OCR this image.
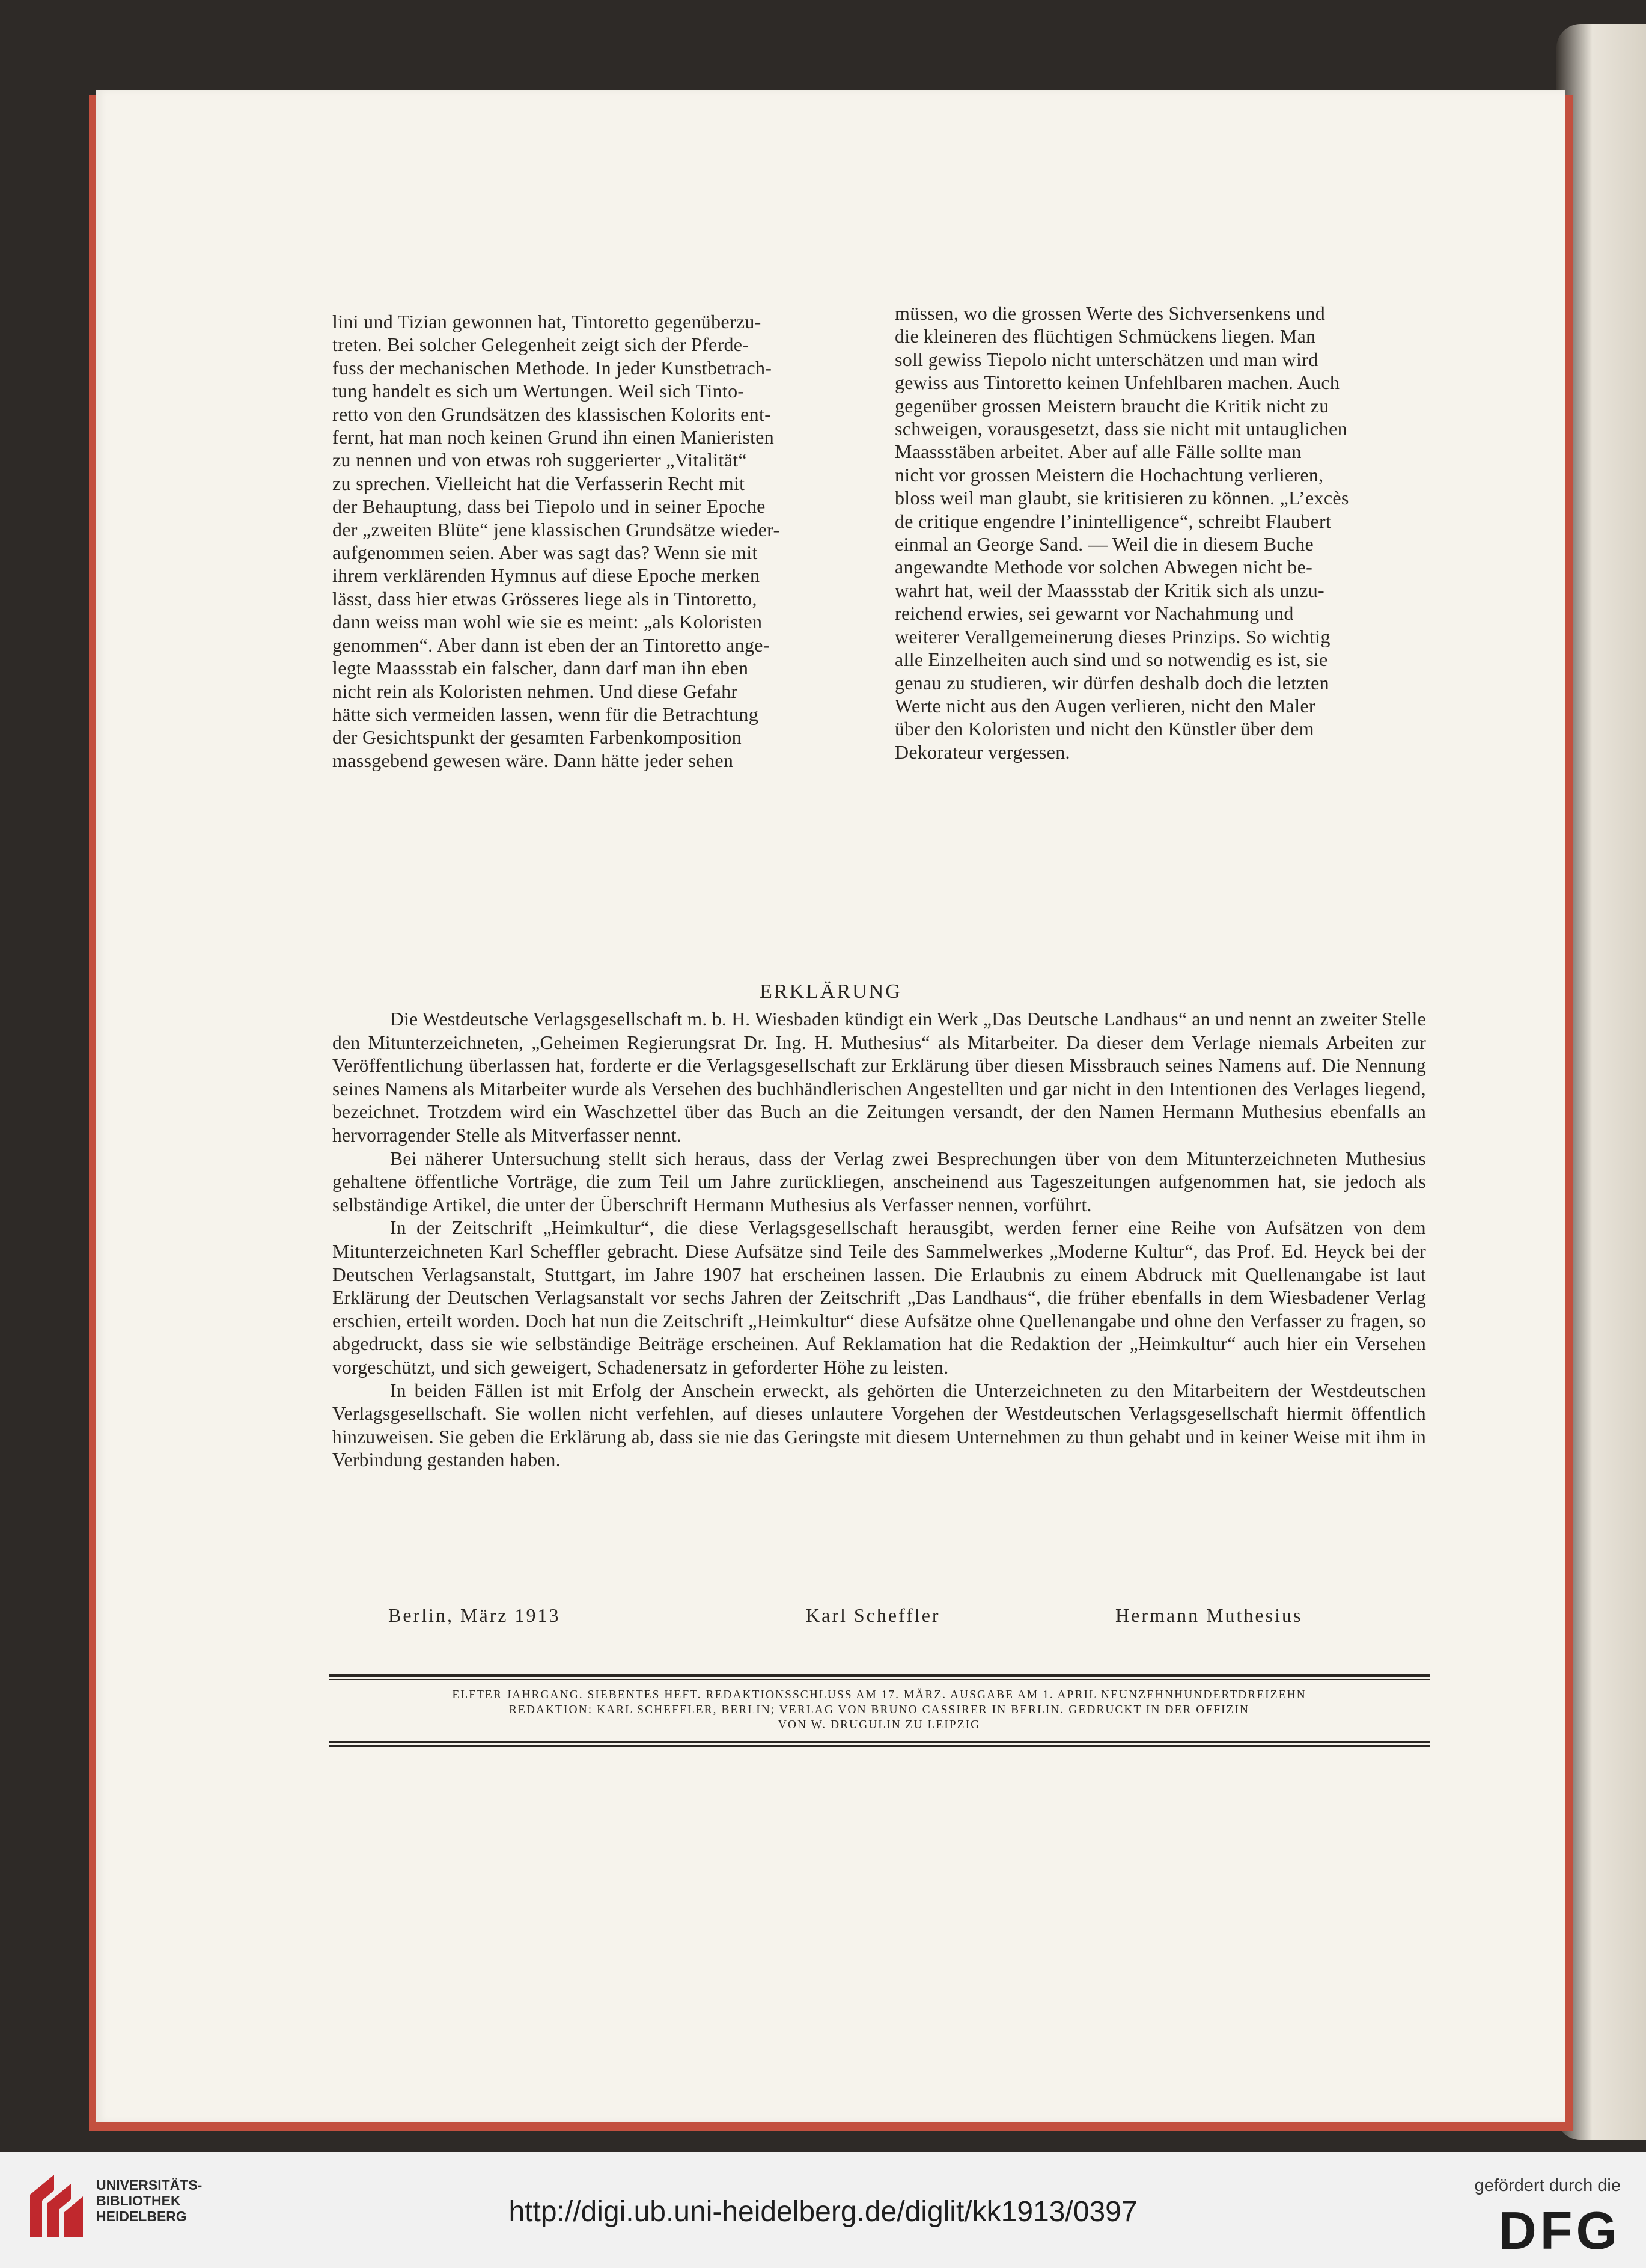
lini und Tizian gewonnen hat, Tintoretto gegenüberzu-

treten. Bei solcher Gelegenheit zeigt sich der Pferde-

fuss der mechanischen Methode. In jeder Kunstbetrach-

tung handelt es sich um Wertungen. Weil sich Tinto-

retto von den Grundsätzen des klassischen Kolorits ent-

fernt, hat man noch keinen Grund ihn einen Manieristen

zu nennen und von etwas roh suggerierter „Vitalität“

zu sprechen. Vielleicht hat die Verfasserin Recht mit

der Behauptung, dass bei Tiepolo und in seiner Epoche

der „zweiten Blüte“ jene klassischen Grundsätze wieder-

aufgenommen seien. Aber was sagt das? Wenn sie mit

ihrem verklärenden Hymnus auf diese Epoche merken

lässt, dass hier etwas Grösseres liege als in Tintoretto,

dann weiss man wohl wie sie es meint: „als Koloristen

genommen“. Aber dann ist eben der an Tintoretto ange-

legte Maassstab ein falscher, dann darf man ihn eben

nicht rein als Koloristen nehmen. Und diese Gefahr

hätte sich vermeiden lassen, wenn für die Betrachtung

der Gesichtspunkt der gesamten Farbenkomposition

massgebend gewesen wäre. Dann hätte jeder sehen

müssen, wo die grossen Werte des Sichversenkens und

die kleineren des flüchtigen Schmückens liegen. Man

soll gewiss Tiepolo nicht unterschätzen und man wird

gewiss aus Tintoretto keinen Unfehlbaren machen. Auch

gegenüber grossen Meistern braucht die Kritik nicht zu

schweigen, vorausgesetzt, dass sie nicht mit untauglichen

Maassstäben arbeitet. Aber auf alle Fälle sollte man

nicht vor grossen Meistern die Hochachtung verlieren,

bloss weil man glaubt, sie kritisieren zu können. „L’excès

de critique engendre l’inintelligence“, schreibt Flaubert

einmal an George Sand. — Weil die in diesem Buche

angewandte Methode vor solchen Abwegen nicht be-

wahrt hat, weil der Maassstab der Kritik sich als unzu-

reichend erwies, sei gewarnt vor Nachahmung und

weiterer Verallgemeinerung dieses Prinzips. So wichtig

alle Einzelheiten auch sind und so notwendig es ist, sie

genau zu studieren, wir dürfen deshalb doch die letzten

Werte nicht aus den Augen verlieren, nicht den Maler

über den Koloristen und nicht den Künstler über dem

Dekorateur vergessen.

ERKLÄRUNG

Die Westdeutsche Verlagsgesellschaft m. b. H. Wiesbaden kündigt ein Werk „Das Deutsche Landhaus“ an und nennt an zweiter Stelle den Mitunterzeichneten, „Geheimen Regierungsrat Dr. Ing. H. Muthesius“ als Mitarbeiter. Da dieser dem Verlage niemals Arbeiten zur Veröffentlichung überlassen hat, forderte er die Verlagsgesellschaft zur Erklärung über diesen Missbrauch seines Namens auf. Die Nennung seines Namens als Mitarbeiter wurde als Versehen des buchhändlerischen Angestellten und gar nicht in den Intentionen des Verlages liegend, bezeichnet. Trotzdem wird ein Waschzettel über das Buch an die Zeitungen versandt, der den Namen Hermann Muthesius ebenfalls an hervorragender Stelle als Mitverfasser nennt.

Bei näherer Untersuchung stellt sich heraus, dass der Verlag zwei Besprechungen über von dem Mitunterzeichneten Muthesius gehaltene öffentliche Vorträge, die zum Teil um Jahre zurückliegen, anscheinend aus Tageszeitungen aufgenommen hat, sie jedoch als selbständige Artikel, die unter der Überschrift Hermann Muthesius als Verfasser nennen, vorführt.

In der Zeitschrift „Heimkultur“, die diese Verlagsgesellschaft herausgibt, werden ferner eine Reihe von Aufsätzen von dem Mitunterzeichneten Karl Scheffler gebracht. Diese Aufsätze sind Teile des Sammelwerkes „Moderne Kultur“, das Prof. Ed. Heyck bei der Deutschen Verlagsanstalt, Stuttgart, im Jahre 1907 hat erscheinen lassen. Die Erlaubnis zu einem Abdruck mit Quellenangabe ist laut Erklärung der Deutschen Verlagsanstalt vor sechs Jahren der Zeitschrift „Das Landhaus“, die früher ebenfalls in dem Wiesbadener Verlag erschien, erteilt worden. Doch hat nun die Zeitschrift „Heimkultur“ diese Aufsätze ohne Quellenangabe und ohne den Verfasser zu fragen, so abgedruckt, dass sie wie selbständige Beiträge erscheinen. Auf Reklamation hat die Redaktion der „Heimkultur“ auch hier ein Versehen vorgeschützt, und sich geweigert, Schadenersatz in geforderter Höhe zu leisten.

In beiden Fällen ist mit Erfolg der Anschein erweckt, als gehörten die Unterzeichneten zu den Mitarbeitern der Westdeutschen Verlagsgesellschaft. Sie wollen nicht verfehlen, auf dieses unlautere Vorgehen der Westdeutschen Verlagsgesellschaft hiermit öffentlich hinzuweisen. Sie geben die Erklärung ab, dass sie nie das Geringste mit diesem Unternehmen zu thun gehabt und in keiner Weise mit ihm in Verbindung gestanden haben.

Berlin, März 1913	Karl Scheffler	Hermann Muthesius
ELFTER JAHRGANG. SIEBENTES HEFT. REDAKTIONSSCHLUSS AM 17. MÄRZ. AUSGABE AM 1. APRIL NEUNZEHNHUNDERTDREIZEHN
REDAKTION: KARL SCHEFFLER, BERLIN; VERLAG VON BRUNO CASSIRER IN BERLIN. GEDRUCKT IN DER OFFIZIN
VON W. DRUGULIN ZU LEIPZIG
UNIVERSITÄTS-
BIBLIOTHEK
HEIDELBERG	http://digi.ub.uni-heidelberg.de/diglit/kk1913/0397
gefördert durch die
DFG
